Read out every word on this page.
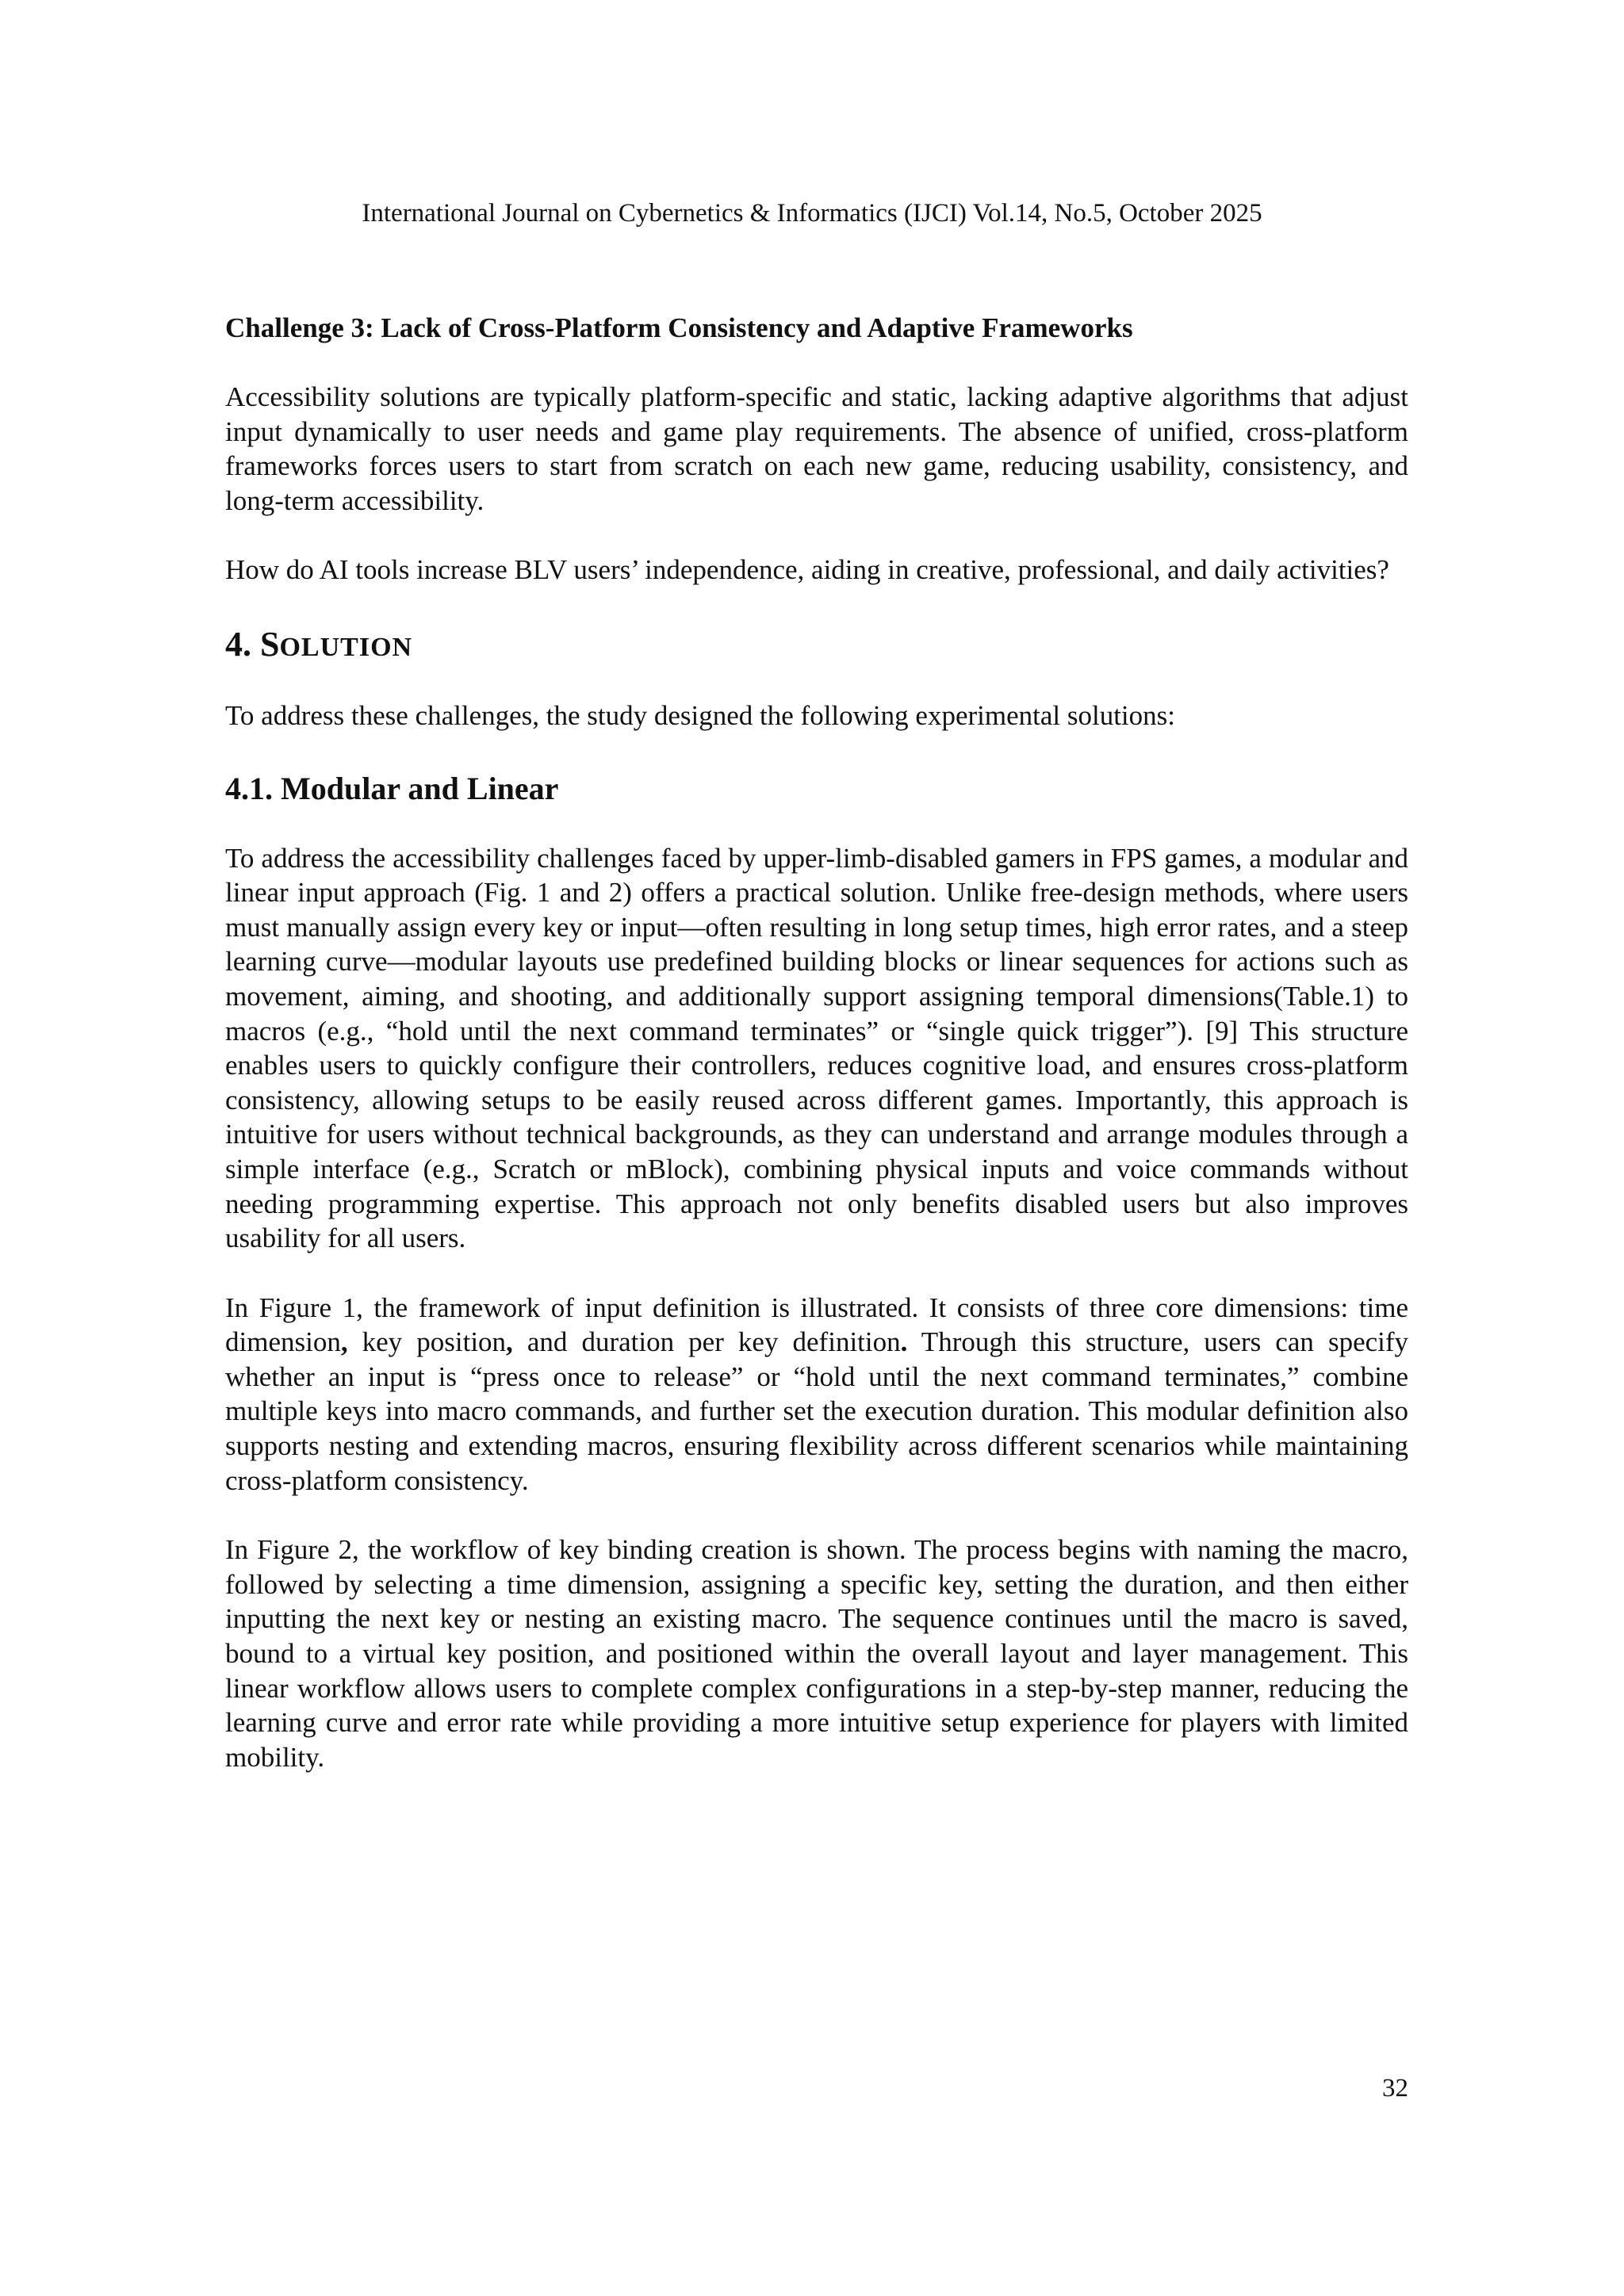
International Journal on Cybernetics & Informatics (IJCI) Vol.14, No.5, October 2025
Challenge 3: Lack of Cross-Platform Consistency and Adaptive Frameworks

Accessibility solutions are typically platform-specific and static, lacking adaptive algorithms that adjust input dynamically to user needs and game play requirements. The absence of unified, cross-platform frameworks forces users to start from scratch on each new game, reducing usability, consistency, and long-term accessibility.

How do AI tools increase BLV users’ independence, aiding in creative, professional, and daily activities?

4. SOLUTION

To address these challenges, the study designed the following experimental solutions:

4.1. Modular and Linear

To address the accessibility challenges faced by upper-limb-disabled gamers in FPS games, a modular and linear input approach (Fig. 1 and 2) offers a practical solution. Unlike free-design methods, where users must manually assign every key or input—often resulting in long setup times, high error rates, and a steep learning curve—modular layouts use predefined building blocks or linear sequences for actions such as movement, aiming, and shooting, and additionally support assigning temporal dimensions(Table.1) to macros (e.g., “hold until the next command terminates” or “single quick trigger”). [9] This structure enables users to quickly configure their controllers, reduces cognitive load, and ensures cross-platform consistency, allowing setups to be easily reused across different games. Importantly, this approach is intuitive for users without technical backgrounds, as they can understand and arrange modules through a simple interface (e.g., Scratch or mBlock), combining physical inputs and voice commands without needing programming expertise. This approach not only benefits disabled users but also improves usability for all users.

In Figure 1, the framework of input definition is illustrated. It consists of three core dimensions: time dimension, key position, and duration per key definition. Through this structure, users can specify whether an input is “press once to release” or “hold until the next command terminates,” combine multiple keys into macro commands, and further set the execution duration. This modular definition also supports nesting and extending macros, ensuring flexibility across different scenarios while maintaining cross-platform consistency.

In Figure 2, the workflow of key binding creation is shown. The process begins with naming the macro, followed by selecting a time dimension, assigning a specific key, setting the duration, and then either inputting the next key or nesting an existing macro. The sequence continues until the macro is saved, bound to a virtual key position, and positioned within the overall layout and layer management. This linear workflow allows users to complete complex configurations in a step-by-step manner, reducing the learning curve and error rate while providing a more intuitive setup experience for players with limited mobility.

32
